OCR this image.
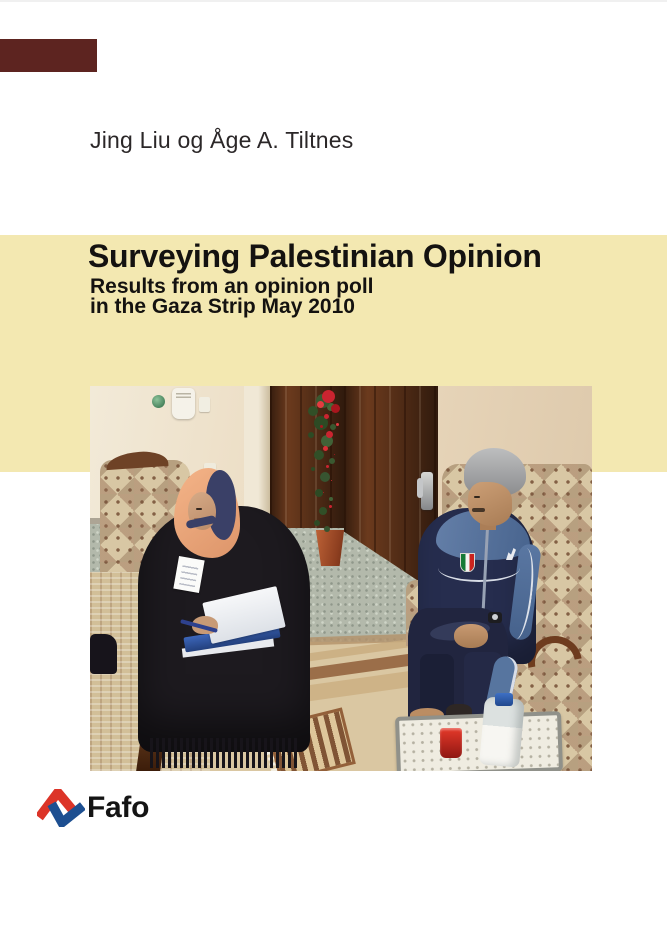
Jing Liu og Åge A. Tiltnes
Surveying Palestinian Opinion
Results from an opinion poll
in the Gaza Strip May 2010
Fafo
